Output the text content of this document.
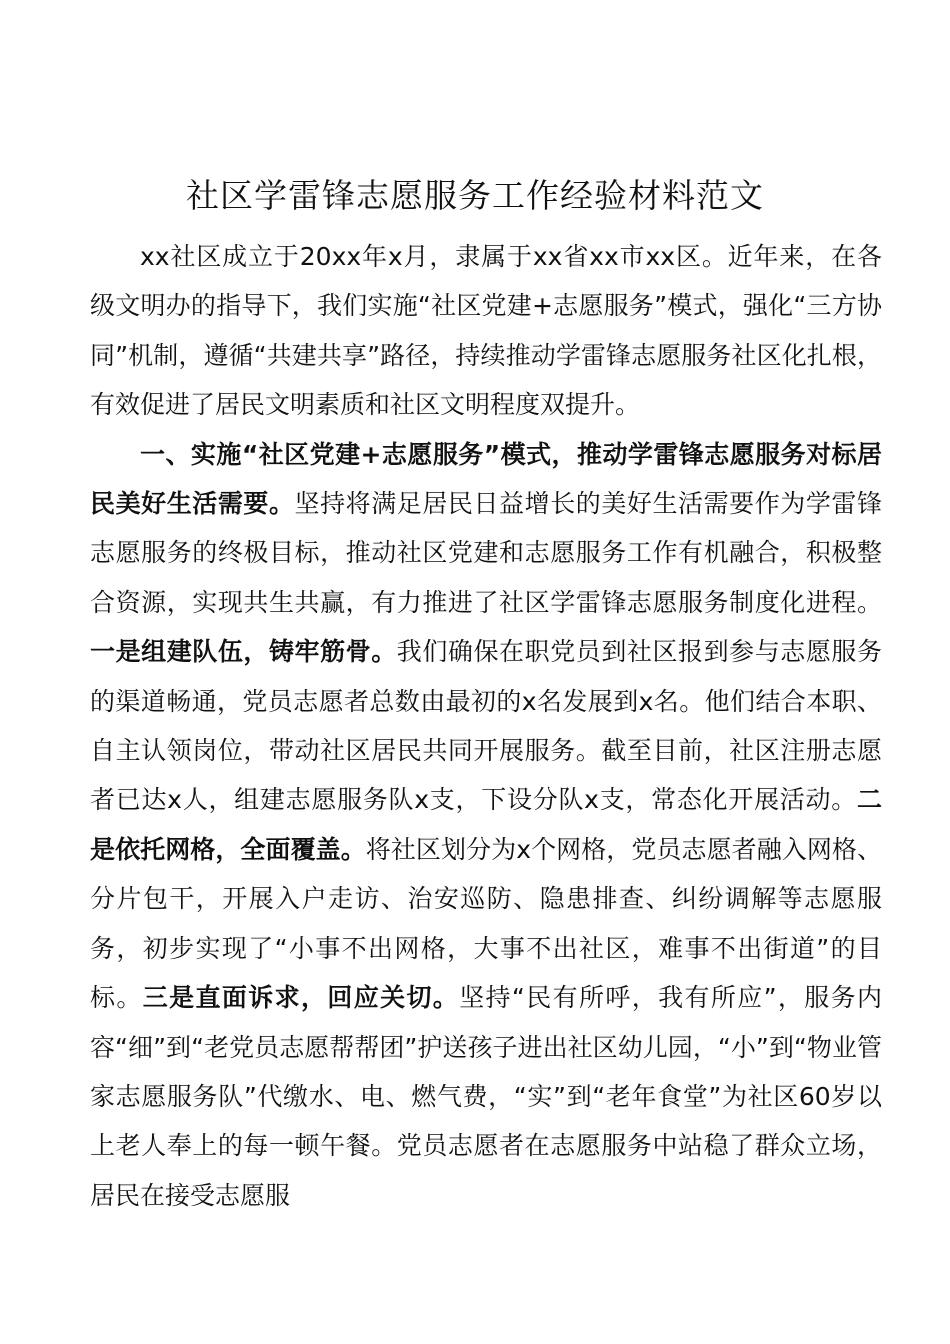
社区学雷锋志愿服务工作经验材料范文

xx社区成立于20xx年x月，隶属于xx省xx市xx区。近年来，在各级文明办的指导下，我们实施“社区党建+志愿服务”模式，强化“三方协同”机制，遵循“共建共享”路径，持续推动学雷锋志愿服务社区化扎根，有效促进了居民文明素质和社区文明程度双提升。

一、实施“社区党建+志愿服务”模式，推动学雷锋志愿服务对标居民美好生活需要。坚持将满足居民日益增长的美好生活需要作为学雷锋志愿服务的终极目标，推动社区党建和志愿服务工作有机融合，积极整合资源，实现共生共赢，有力推进了社区学雷锋志愿服务制度化进程。一是组建队伍，铸牢筋骨。我们确保在职党员到社区报到参与志愿服务的渠道畅通，党员志愿者总数由最初的x名发展到x名。他们结合本职、自主认领岗位，带动社区居民共同开展服务。截至目前，社区注册志愿者已达x人，组建志愿服务队x支，下设分队x支，常态化开展活动。二是依托网格，全面覆盖。将社区划分为x个网格，党员志愿者融入网格、分片包干，开展入户走访、治安巡防、隐患排查、纠纷调解等志愿服务，初步实现了“小事不出网格，大事不出社区，难事不出街道”的目标。三是直面诉求，回应关切。坚持“民有所呼，我有所应”，服务内容“细”到“老党员志愿帮帮团”护送孩子进出社区幼儿园，“小”到“物业管家志愿服务队”代缴水、电、燃气费，“实”到“老年食堂”为社区60岁以上老人奉上的每一顿午餐。党员志愿者在志愿服务中站稳了群众立场，居民在接受志愿服
